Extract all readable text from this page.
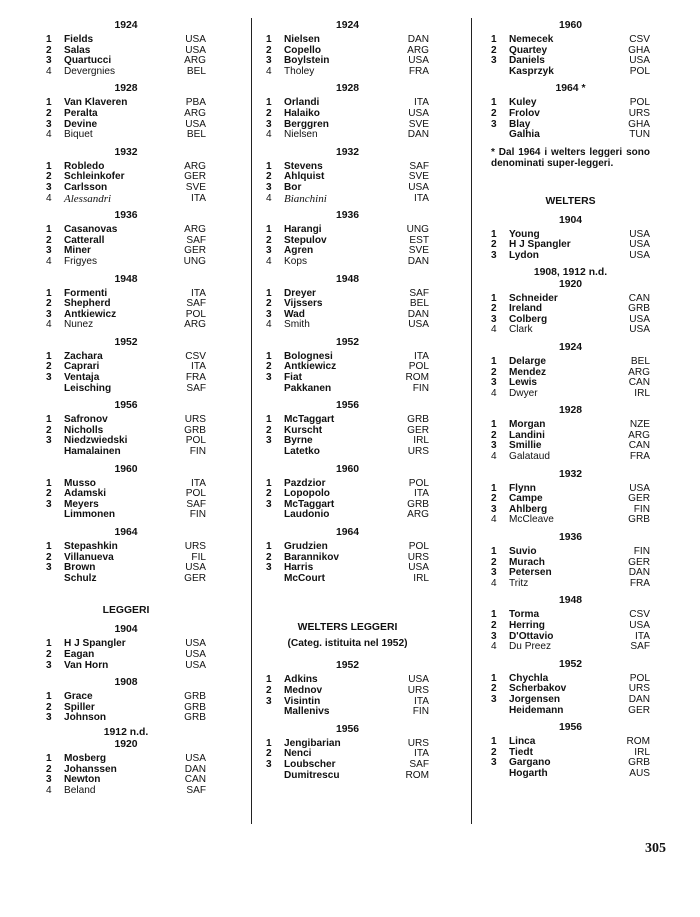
1924
1	Fields	USA
2	Salas	USA
3	Quartucci	ARG
4	Devergnies	BEL
1928
1	Van Klaveren	PBA
2	Peralta	ARG
3	Devine	USA
4	Biquet	BEL
1932
1	Robledo	ARG
2	Schleinkofer	GER
3	Carlsson	SVE
4	Alessandri	ITA
1936
1	Casanovas	ARG
2	Catterall	SAF
3	Miner	GER
4	Frigyes	UNG
1948
1	Formenti	ITA
2	Shepherd	SAF
3	Antkiewicz	POL
4	Nunez	ARG
1952
1	Zachara	CSV
2	Caprari	ITA
3	Ventaja	FRA
Leisching	SAF
1956
1	Safronov	URS
2	Nicholls	GRB
3	Niedzwiedski	POL
Hamalainen	FIN
1960
1	Musso	ITA
2	Adamski	POL
3	Meyers	SAF
Limmonen	FIN
1964
1	Stepashkin	URS
2	Villanueva	FIL
3	Brown	USA
Schulz	GER
LEGGERI
1904
1	H J Spangler	USA
2	Eagan	USA
3	Van Horn	USA
1908
1	Grace	GRB
2	Spiller	GRB
3	Johnson	GRB
1912 n.d.
1920
1	Mosberg	USA
2	Johanssen	DAN
3	Newton	CAN
4	Beland	SAF
1924
1	Nielsen	DAN
2	Copello	ARG
3	Boylstein	USA
4	Tholey	FRA
1928
1	Orlandi	ITA
2	Halaiko	USA
3	Berggren	SVE
4	Nielsen	DAN
1932
1	Stevens	SAF
2	Ahlquist	SVE
3	Bor	USA
4	Bianchini	ITA
1936
1	Harangi	UNG
2	Stepulov	EST
3	Agren	SVE
4	Kops	DAN
1948
1	Dreyer	SAF
2	Vijssers	BEL
3	Wad	DAN
4	Smith	USA
1952
1	Bolognesi	ITA
2	Antkiewicz	POL
3	Fiat	ROM
Pakkanen	FIN
1956
1	McTaggart	GRB
2	Kurscht	GER
3	Byrne	IRL
Latetko	URS
1960
1	Pazdzior	POL
2	Lopopolo	ITA
3	McTaggart	GRB
Laudonio	ARG
1964
1	Grudzien	POL
2	Barannikov	URS
3	Harris	USA
McCourt	IRL
WELTERS LEGGERI
(Categ. istituita nel 1952)
1952
1	Adkins	USA
2	Mednov	URS
3	Visintin	ITA
Mallenivs	FIN
1956
1	Jengibarian	URS
2	Nenci	ITA
3	Loubscher	SAF
Dumitrescu	ROM
1960
1	Nemecek	CSV
2	Quartey	GHA
3	Daniels	USA
Kasprzyk	POL
1964 *
1	Kuley	POL
2	Frolov	URS
3	Blay	GHA
Galhia	TUN
* Dal 1964 i welters leggeri sono denominati super-leggeri.
WELTERS
1904
1	Young	USA
2	H J Spangler	USA
3	Lydon	USA
1908, 1912 n.d.
1920
1	Schneider	CAN
2	Ireland	GRB
3	Colberg	USA
4	Clark	USA
1924
1	Delarge	BEL
2	Mendez	ARG
3	Lewis	CAN
4	Dwyer	IRL
1928
1	Morgan	NZE
2	Landini	ARG
3	Smillie	CAN
4	Galataud	FRA
1932
1	Flynn	USA
2	Campe	GER
3	Ahlberg	FIN
4	McCleave	GRB
1936
1	Suvio	FIN
2	Murach	GER
3	Petersen	DAN
4	Tritz	FRA
1948
1	Torma	CSV
2	Herring	USA
3	D'Ottavio	ITA
4	Du Preez	SAF
1952
1	Chychla	POL
2	Scherbakov	URS
3	Jorgensen	DAN
Heidemann	GER
1956
1	Linca	ROM
2	Tiedt	IRL
3	Gargano	GRB
Hogarth	AUS
305
